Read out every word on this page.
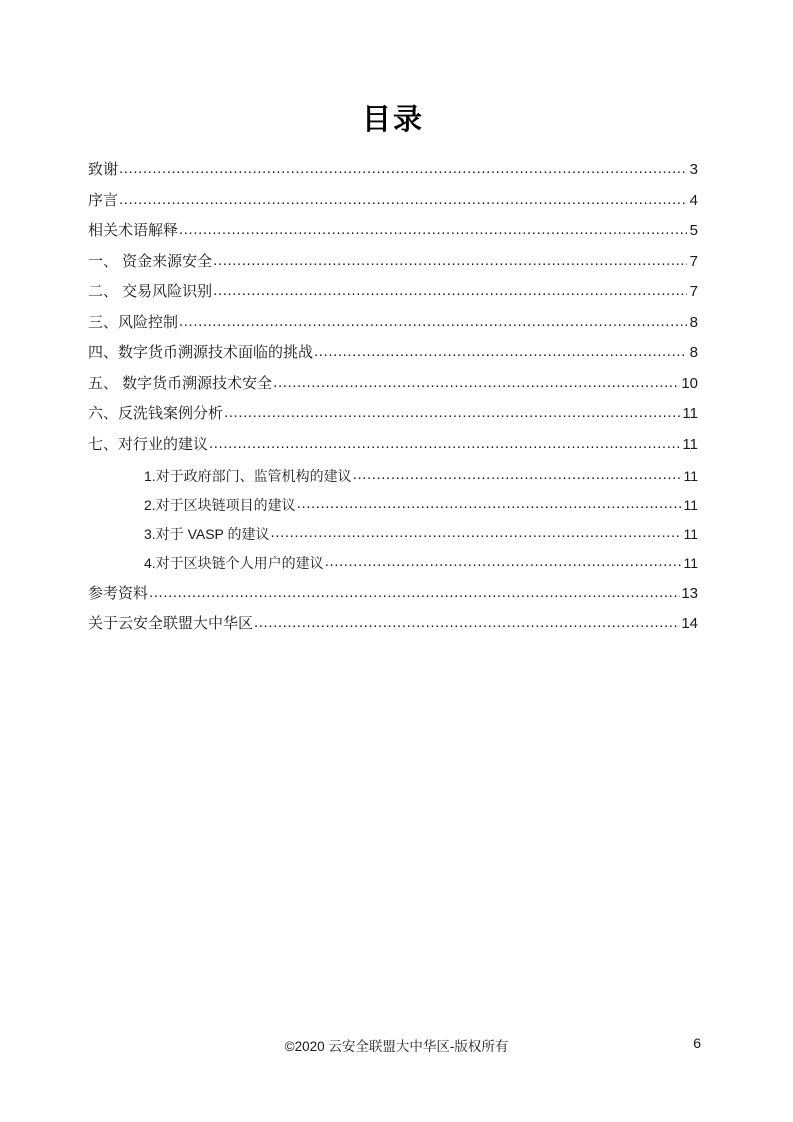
目录
致谢 .....	3
序言 .....	4
相关术语解释 .....	5
一、 资金来源安全 .....	7
二、 交易风险识别 .....	7
三、风险控制 .....	8
四、数字货币溯源技术面临的挑战 .....	8
五、 数字货币溯源技术安全 .....	10
六、反洗钱案例分析 .....	11
七、对行业的建议 .....	11
1.对于政府部门、监管机构的建议 .....	11
2.对于区块链项目的建议 .....	11
3.对于 VASP 的建议 .....	11
4.对于区块链个人用户的建议 .....	11
参考资料 .....	13
关于云安全联盟大中华区 .....	14
©2020 云安全联盟大中华区-版权所有	6
